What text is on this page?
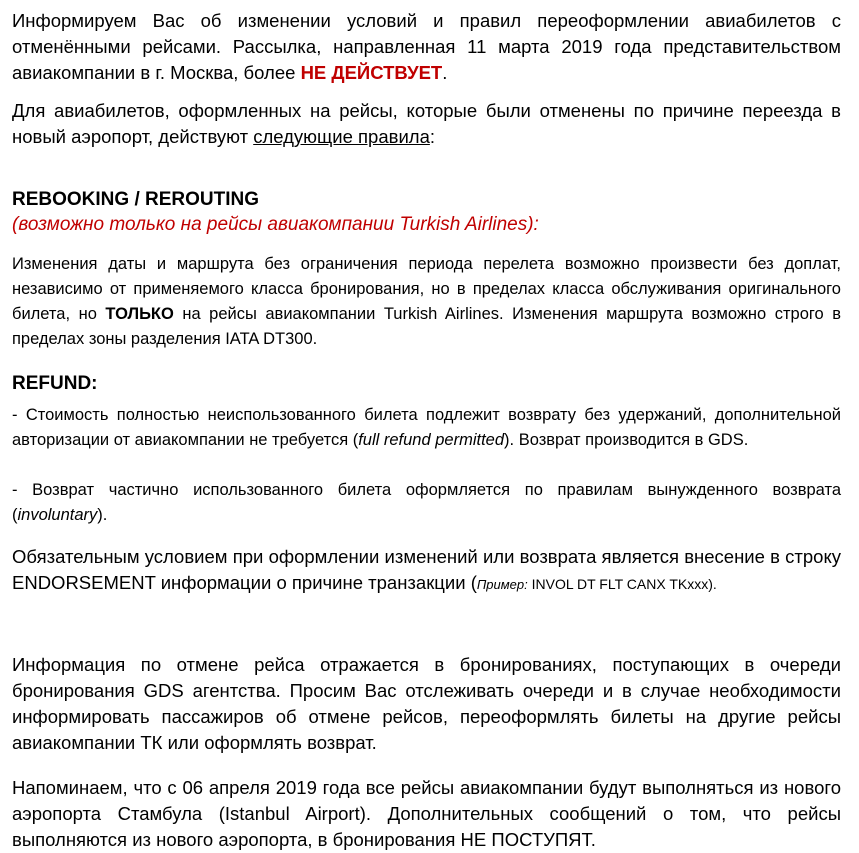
Информируем Вас об изменении условий и правил переоформлении авиабилетов с отменёнными рейсами. Рассылка, направленная 11 марта 2019 года представительством авиакомпании в г. Москва, более НЕ ДЕЙСТВУЕТ.

Для авиабилетов, оформленных на рейсы, которые были отменены по причине переезда в новый аэропорт, действуют следующие правила:

REBOOKING / REROUTING
(возможно только на рейсы авиакомпании Turkish Airlines):

Изменения даты и маршрута без ограничения периода перелета возможно произвести без доплат, независимо от применяемого класса бронирования, но в пределах класса обслуживания оригинального билета, но ТОЛЬКО на рейсы авиакомпании Turkish Airlines. Изменения маршрута возможно строго в пределах зоны разделения IATA DT300.

REFUND:

- Стоимость полностью неиспользованного билета подлежит возврату без удержаний, дополнительной авторизации от авиакомпании не требуется (full refund permitted). Возврат производится в GDS.

- Возврат частично использованного билета оформляется по правилам вынужденного возврата (involuntary).

Обязательным условием при оформлении изменений или возврата является внесение в строку ENDORSEMENT информации о причине транзакции (Пример: INVOL DT FLT CANX TKxxx).

Информация по отмене рейса отражается в бронированиях, поступающих в очереди бронирования GDS агентства. Просим Вас отслеживать очереди и в случае необходимости информировать пассажиров об отмене рейсов, переоформлять билеты на другие рейсы авиакомпании ТК или оформлять возврат.

Напоминаем, что с 06 апреля 2019 года все рейсы авиакомпании будут выполняться из нового аэропорта Стамбула (Istanbul Airport). Дополнительных сообщений о том, что рейсы выполняются из нового аэропорта, в бронирования НЕ ПОСТУПЯТ.
